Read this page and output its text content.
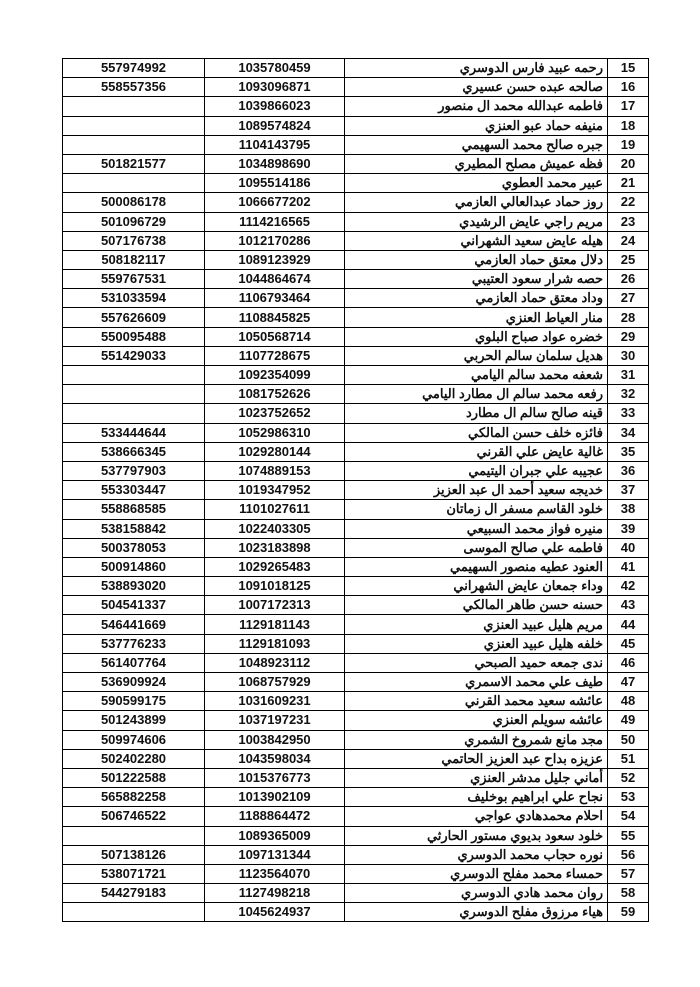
557974992	1035780459	رحمه عبيد فارس الدوسري	15
558557356	1093096871	صالحه عبده حسن عسيري	16
	1039866023	فاطمه عبدالله محمد ال منصور	17
	1089574824	منيفه حماد عبو العنزي	18
	1104143795	جبره صالح محمد السهيمي	19
501821577	1034898690	فظه عميش مصلح المطيري	20
	1095514186	عبير محمد العطوي	21
500086178	1066677202	روز حماد عبدالعالي العازمي	22
501096729	1114216565	مريم راجي عايض الرشيدي	23
507176738	1012170286	هيله عايض سعيد الشهراني	24
508182117	1089123929	دلال معتق حماد العازمي	25
559767531	1044864674	حصه شرار سعود العتيبي	26
531033594	1106793464	وداد معتق حماد العازمي	27
557626609	1108845825	منار العياط العنزي	28
550095488	1050568714	خضره عواد صباح البلوي	29
551429033	1107728675	هديل سلمان سالم الحربي	30
	1092354099	شعفه محمد سالم اليامي	31
	1081752626	رفعه محمد سالم ال مطارد اليامي	32
	1023752652	قينه صالح سالم ال مطارد	33
533444644	1052986310	فائزه خلف حسن المالكي	34
538666345	1029280144	غالية عايض علي القرني	35
537797903	1074889153	عجيبه علي جبران اليتيمي	36
553303447	1019347952	خديجه سعيد أحمد ال عبد العزيز	37
558868585	1101027611	خلود القاسم مسفر ال زماتان	38
538158842	1022403305	منيره فواز محمد السبيعي	39
500378053	1023183898	فاطمه علي صالح الموسى	40
500914860	1029265483	العنود عطيه منصور السهيمي	41
538893020	1091018125	وداء جمعان عايض الشهراني	42
504541337	1007172313	حسنه حسن طاهر المالكي	43
546441669	1129181143	مريم هليل عبيد العنزي	44
537776233	1129181093	خلفه هليل عبيد العنزي	45
561407764	1048923112	ندى جمعه حميد الصبحي	46
536909924	1068757929	طيف علي محمد الاسمري	47
590599175	1031609231	عائشه سعيد محمد القرني	48
501243899	1037197231	عائشه سويلم العنزي	49
509974606	1003842950	مجد مانع شمروخ الشمري	50
502402280	1043598034	عزيزه بداح عبد العزيز الحاتمي	51
501222588	1015376773	أماني جليل مدشر العنزي	52
565882258	1013902109	نجاح علي ابراهيم بوخليف	53
506746522	1188864472	احلام محمدهادي عواجي	54
	1089365009	خلود سعود بديوي مستور الحارثي	55
507138126	1097131344	نوره حجاب محمد الدوسري	56
538071721	1123564070	حمساء محمد مفلح الدوسري	57
544279183	1127498218	روان محمد هادي الدوسري	58
	1045624937	هياء مرزوق مفلح الدوسري	59
